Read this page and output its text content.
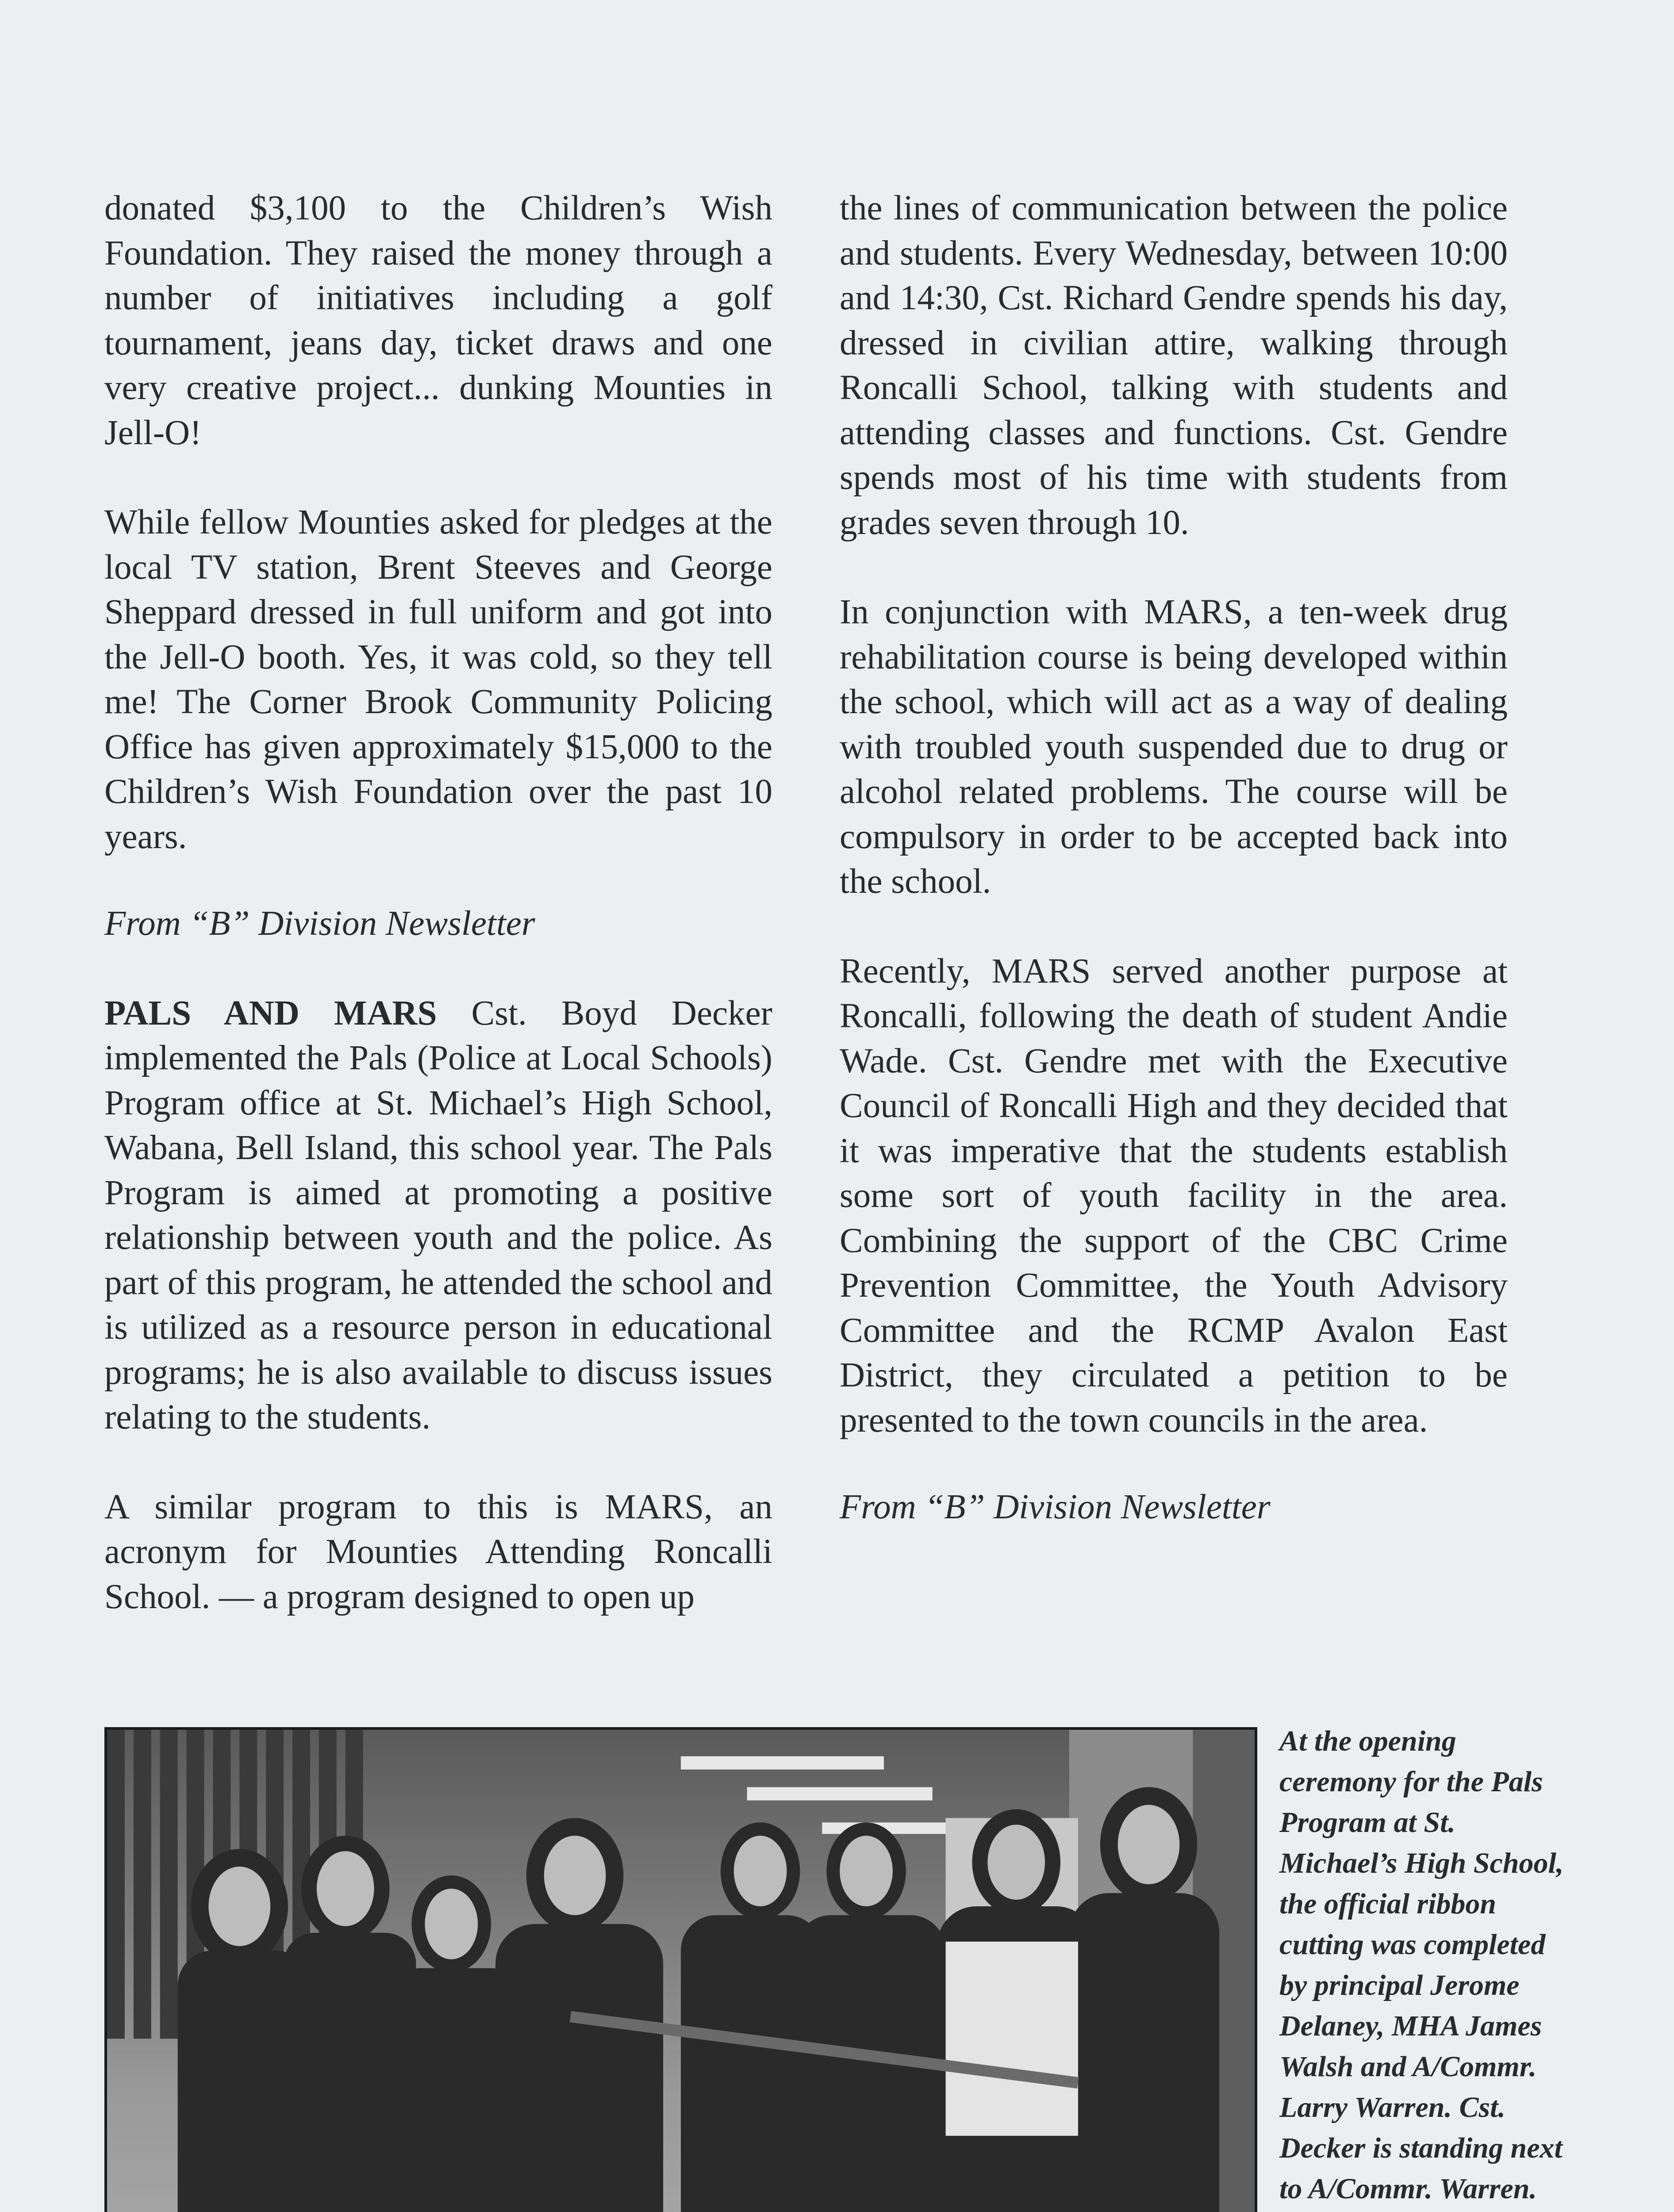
donated $3,100 to the Children’s Wish Foundation. They raised the money through a number of initiatives including a golf tournament, jeans day, ticket draws and one very creative project... dunking Mounties in Jell-O!

While fellow Mounties asked for pledges at the local TV station, Brent Steeves and George Sheppard dressed in full uniform and got into the Jell-O booth. Yes, it was cold, so they tell me! The Corner Brook Community Policing Office has given approximately $15,000 to the Children’s Wish Foundation over the past 10 years.

From “B” Division Newsletter

PALS AND MARS Cst. Boyd Decker implemented the Pals (Police at Local Schools) Program office at St. Michael’s High School, Wabana, Bell Island, this school year. The Pals Program is aimed at promoting a positive relationship between youth and the police. As part of this program, he attended the school and is utilized as a resource person in educational programs; he is also available to discuss issues relating to the students.

A similar program to this is MARS, an acronym for Mounties Attending Roncalli School. — a program designed to open up

the lines of communication between the police and students. Every Wednesday, between 10:00 and 14:30, Cst. Richard Gendre spends his day, dressed in civilian attire, walking through Roncalli School, talking with students and attending classes and functions. Cst. Gendre spends most of his time with students from grades seven through 10.

In conjunction with MARS, a ten-week drug rehabilitation course is being developed within the school, which will act as a way of dealing with troubled youth suspended due to drug or alcohol related problems. The course will be compulsory in order to be accepted back into the school.

Recently, MARS served another purpose at Roncalli, following the death of student Andie Wade. Cst. Gendre met with the Executive Council of Roncalli High and they decided that it was imperative that the students establish some sort of youth facility in the area. Combining the support of the CBC Crime Prevention Committee, the Youth Advisory Committee and the RCMP Avalon East District, they circulated a petition to be presented to the town councils in the area.

From “B” Division Newsletter

At the opening ceremony for the Pals Program at St. Michael’s High School, the official ribbon cutting was completed by principal Jerome Delaney, MHA James Walsh and A/Commr. Larry Warren. Cst. Decker is standing next to A/Commr. Warren.
